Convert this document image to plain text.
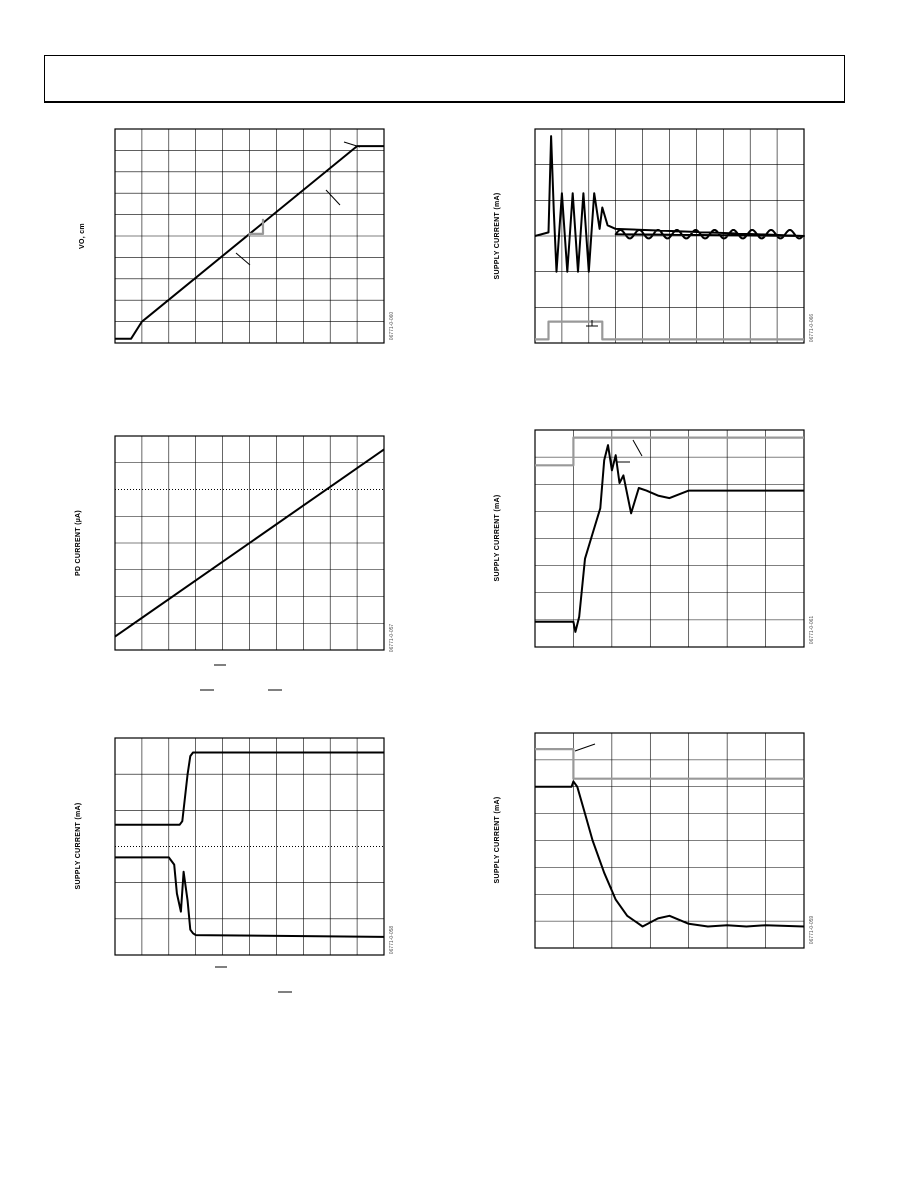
VO, cm
06771-0-060
PD CURRENT (µA)
06771-0-057
SUPPLY CURRENT (mA)
06771-0-058
SUPPLY CURRENT (mA)
06771-0-066
SUPPLY CURRENT (mA)
06771-0-061
SUPPLY CURRENT (mA)
06771-0-059
